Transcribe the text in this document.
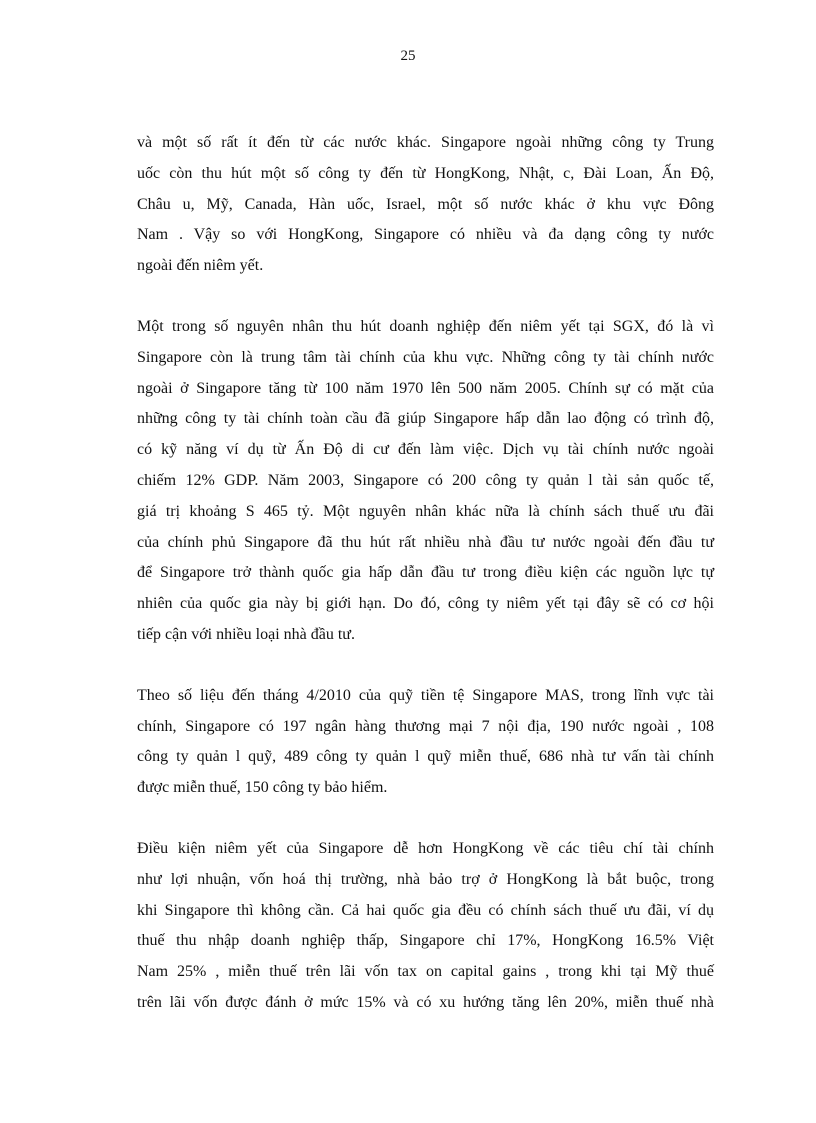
25

và một số rất ít đến từ các nước khác. Singapore ngoài những công ty Trung
uốc còn thu hút một số công ty đến từ HongKong, Nhật, c, Đài Loan, Ấn Độ,
Châu u, Mỹ, Canada, Hàn uốc, Israel, một số nước khác ở khu vực Đông
Nam . Vậy so với HongKong, Singapore có nhiều và đa dạng công ty nước
ngoài đến niêm yết.

Một trong số nguyên nhân thu hút doanh nghiệp đến niêm yết tại SGX, đó là vì
Singapore còn là trung tâm tài chính của khu vực. Những công ty tài chính nước
ngoài ở Singapore tăng từ 100 năm 1970 lên 500 năm 2005. Chính sự có mặt của
những công ty tài chính toàn cầu đã giúp Singapore hấp dẫn lao động có trình độ,
có kỹ năng ví dụ từ Ấn Độ di cư đến làm việc. Dịch vụ tài chính nước ngoài
chiếm 12% GDP. Năm 2003, Singapore có 200 công ty quản l tài sản quốc tế,
giá trị khoảng S 465 tỷ. Một nguyên nhân khác nữa là chính sách thuế ưu đãi
của chính phủ Singapore đã thu hút rất nhiều nhà đầu tư nước ngoài đến đầu tư
để Singapore trở thành quốc gia hấp dẫn đầu tư trong điều kiện các nguồn lực tự
nhiên của quốc gia này bị giới hạn. Do đó, công ty niêm yết tại đây sẽ có cơ hội
tiếp cận với nhiều loại nhà đầu tư.

Theo số liệu đến tháng 4/2010 của quỹ tiền tệ Singapore MAS, trong lĩnh vực tài
chính, Singapore có 197 ngân hàng thương mại 7 nội địa, 190 nước ngoài , 108
công ty quản l quỹ, 489 công ty quản l quỹ miễn thuế, 686 nhà tư vấn tài chính
được miễn thuế, 150 công ty bảo hiểm.

Điều kiện niêm yết của Singapore dễ hơn HongKong về các tiêu chí tài chính
như lợi nhuận, vốn hoá thị trường, nhà bảo trợ ở HongKong là bắt buộc, trong
khi Singapore thì không cần. Cả hai quốc gia đều có chính sách thuế ưu đãi, ví dụ
thuế thu nhập doanh nghiệp thấp, Singapore chỉ 17%, HongKong 16.5% Việt
Nam 25% , miễn thuế trên lãi vốn tax on capital gains , trong khi tại Mỹ thuế
trên lãi vốn được đánh ở mức 15% và có xu hướng tăng lên 20%, miễn thuế nhà
